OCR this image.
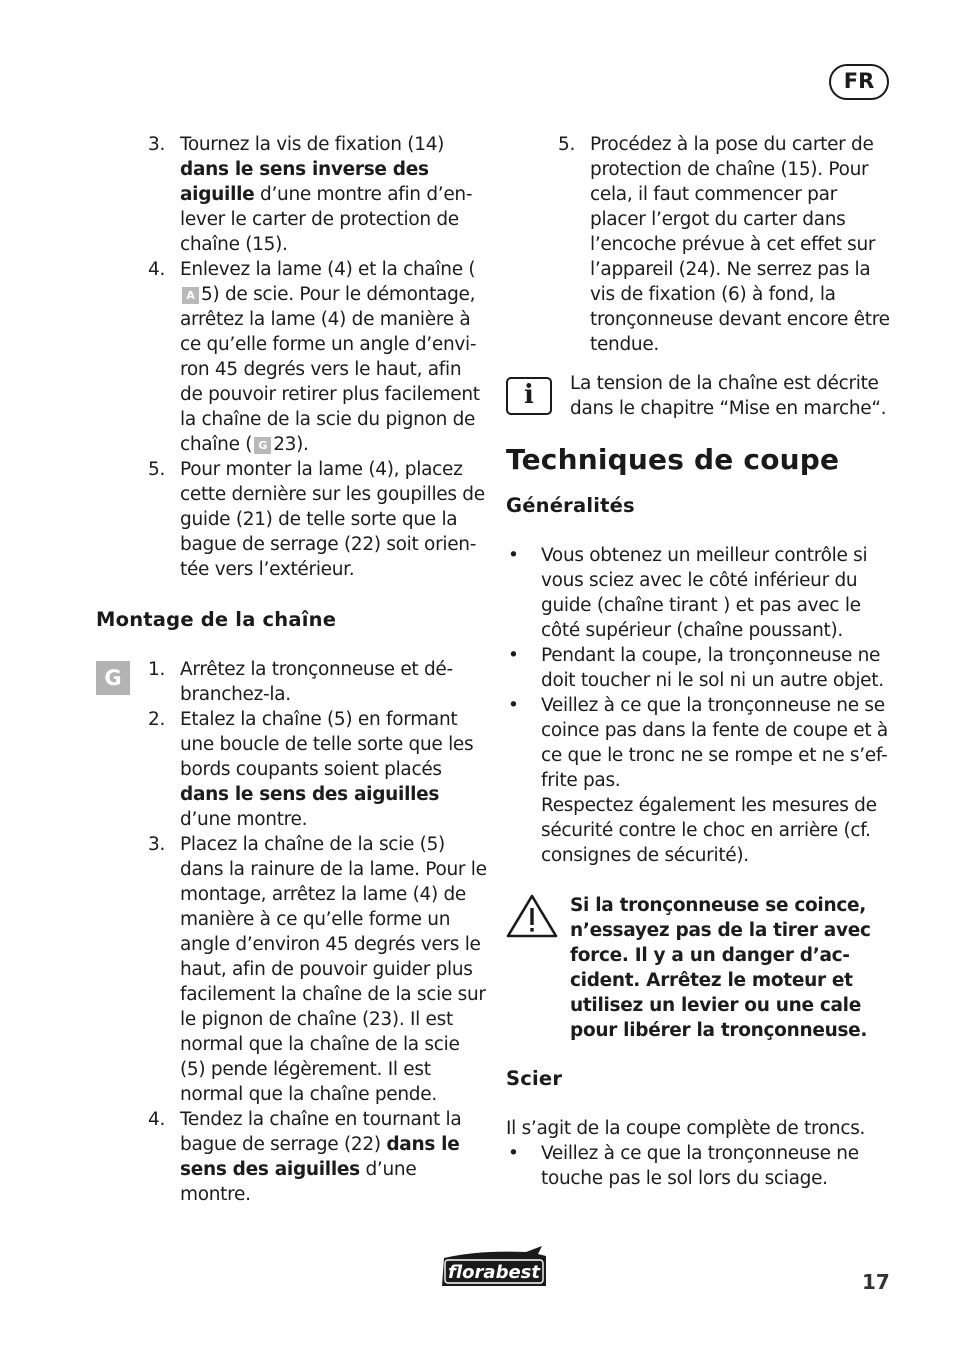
FR
3. Tournez la vis de fixation (14) dans le sens inverse des aiguille d’une montre afin d’en-lever le carter de protection de chaîne (15).
4. Enlevez la lame (4) et la chaîne (A 5) de scie. Pour le démontage, arrêtez la lame (4) de manière à ce qu’elle forme un angle d’envi-ron 45 degrés vers le haut, afin de pouvoir retirer plus facilement la chaîne de la scie du pignon de chaîne ( G 23).
5. Pour monter la lame (4), placez cette dernière sur les goupilles de guide (21) de telle sorte que la bague de serrage (22) soit orien-tée vers l’extérieur.
Montage de la chaîne
G	1. Arrêtez la tronçonneuse et dé-branchez-la.
2. Etalez la chaîne (5) en formant une boucle de telle sorte que les bords coupants soient placés dans le sens des aiguilles d’une montre.
3. Placez la chaîne de la scie (5) dans la rainure de la lame. Pour le montage, arrêtez la lame (4) de manière à ce qu’elle forme un angle d’environ 45 degrés vers le haut, afin de pouvoir guider plus facilement la chaîne de la scie sur le pignon de chaîne (23). Il est normal que la chaîne de la scie (5) pende légèrement. Il est normal que la chaîne pende.
4. Tendez la chaîne en tournant la bague de serrage (22) dans le sens des aiguilles d’une montre.
5. Procédez à la pose du carter de protection de chaîne (15). Pour cela, il faut commencer par placer l’ergot du carter dans l’encoche prévue à cet effet sur l’appareil (24). Ne serrez pas la vis de fixation (6) à fond, la tronçonneuse devant encore être tendue.
i	La tension de la chaîne est décrite dans le chapitre “Mise en marche“.
Techniques de coupe
Généralités
• Vous obtenez un meilleur contrôle si vous sciez avec le côté inférieur du guide (chaîne tirant ) et pas avec le côté supérieur (chaîne poussant).
• Pendant la coupe, la tronçonneuse ne doit toucher ni le sol ni un autre objet.
• Veillez à ce que la tronçonneuse ne se coince pas dans la fente de coupe et à ce que le tronc ne se rompe et ne s’ef-frite pas.
Respectez également les mesures de sécurité contre le choc en arrière (cf. consignes de sécurité).
Si la tronçonneuse se coince, n’essayez pas de la tirer avec force. Il y a un danger d’ac-cident. Arrêtez le moteur et utilisez un levier ou une cale pour libérer la tronçonneuse.
Scier
Il s’agit de la coupe complète de troncs.
• Veillez à ce que la tronçonneuse ne touche pas le sol lors du sciage.
florabest	17
